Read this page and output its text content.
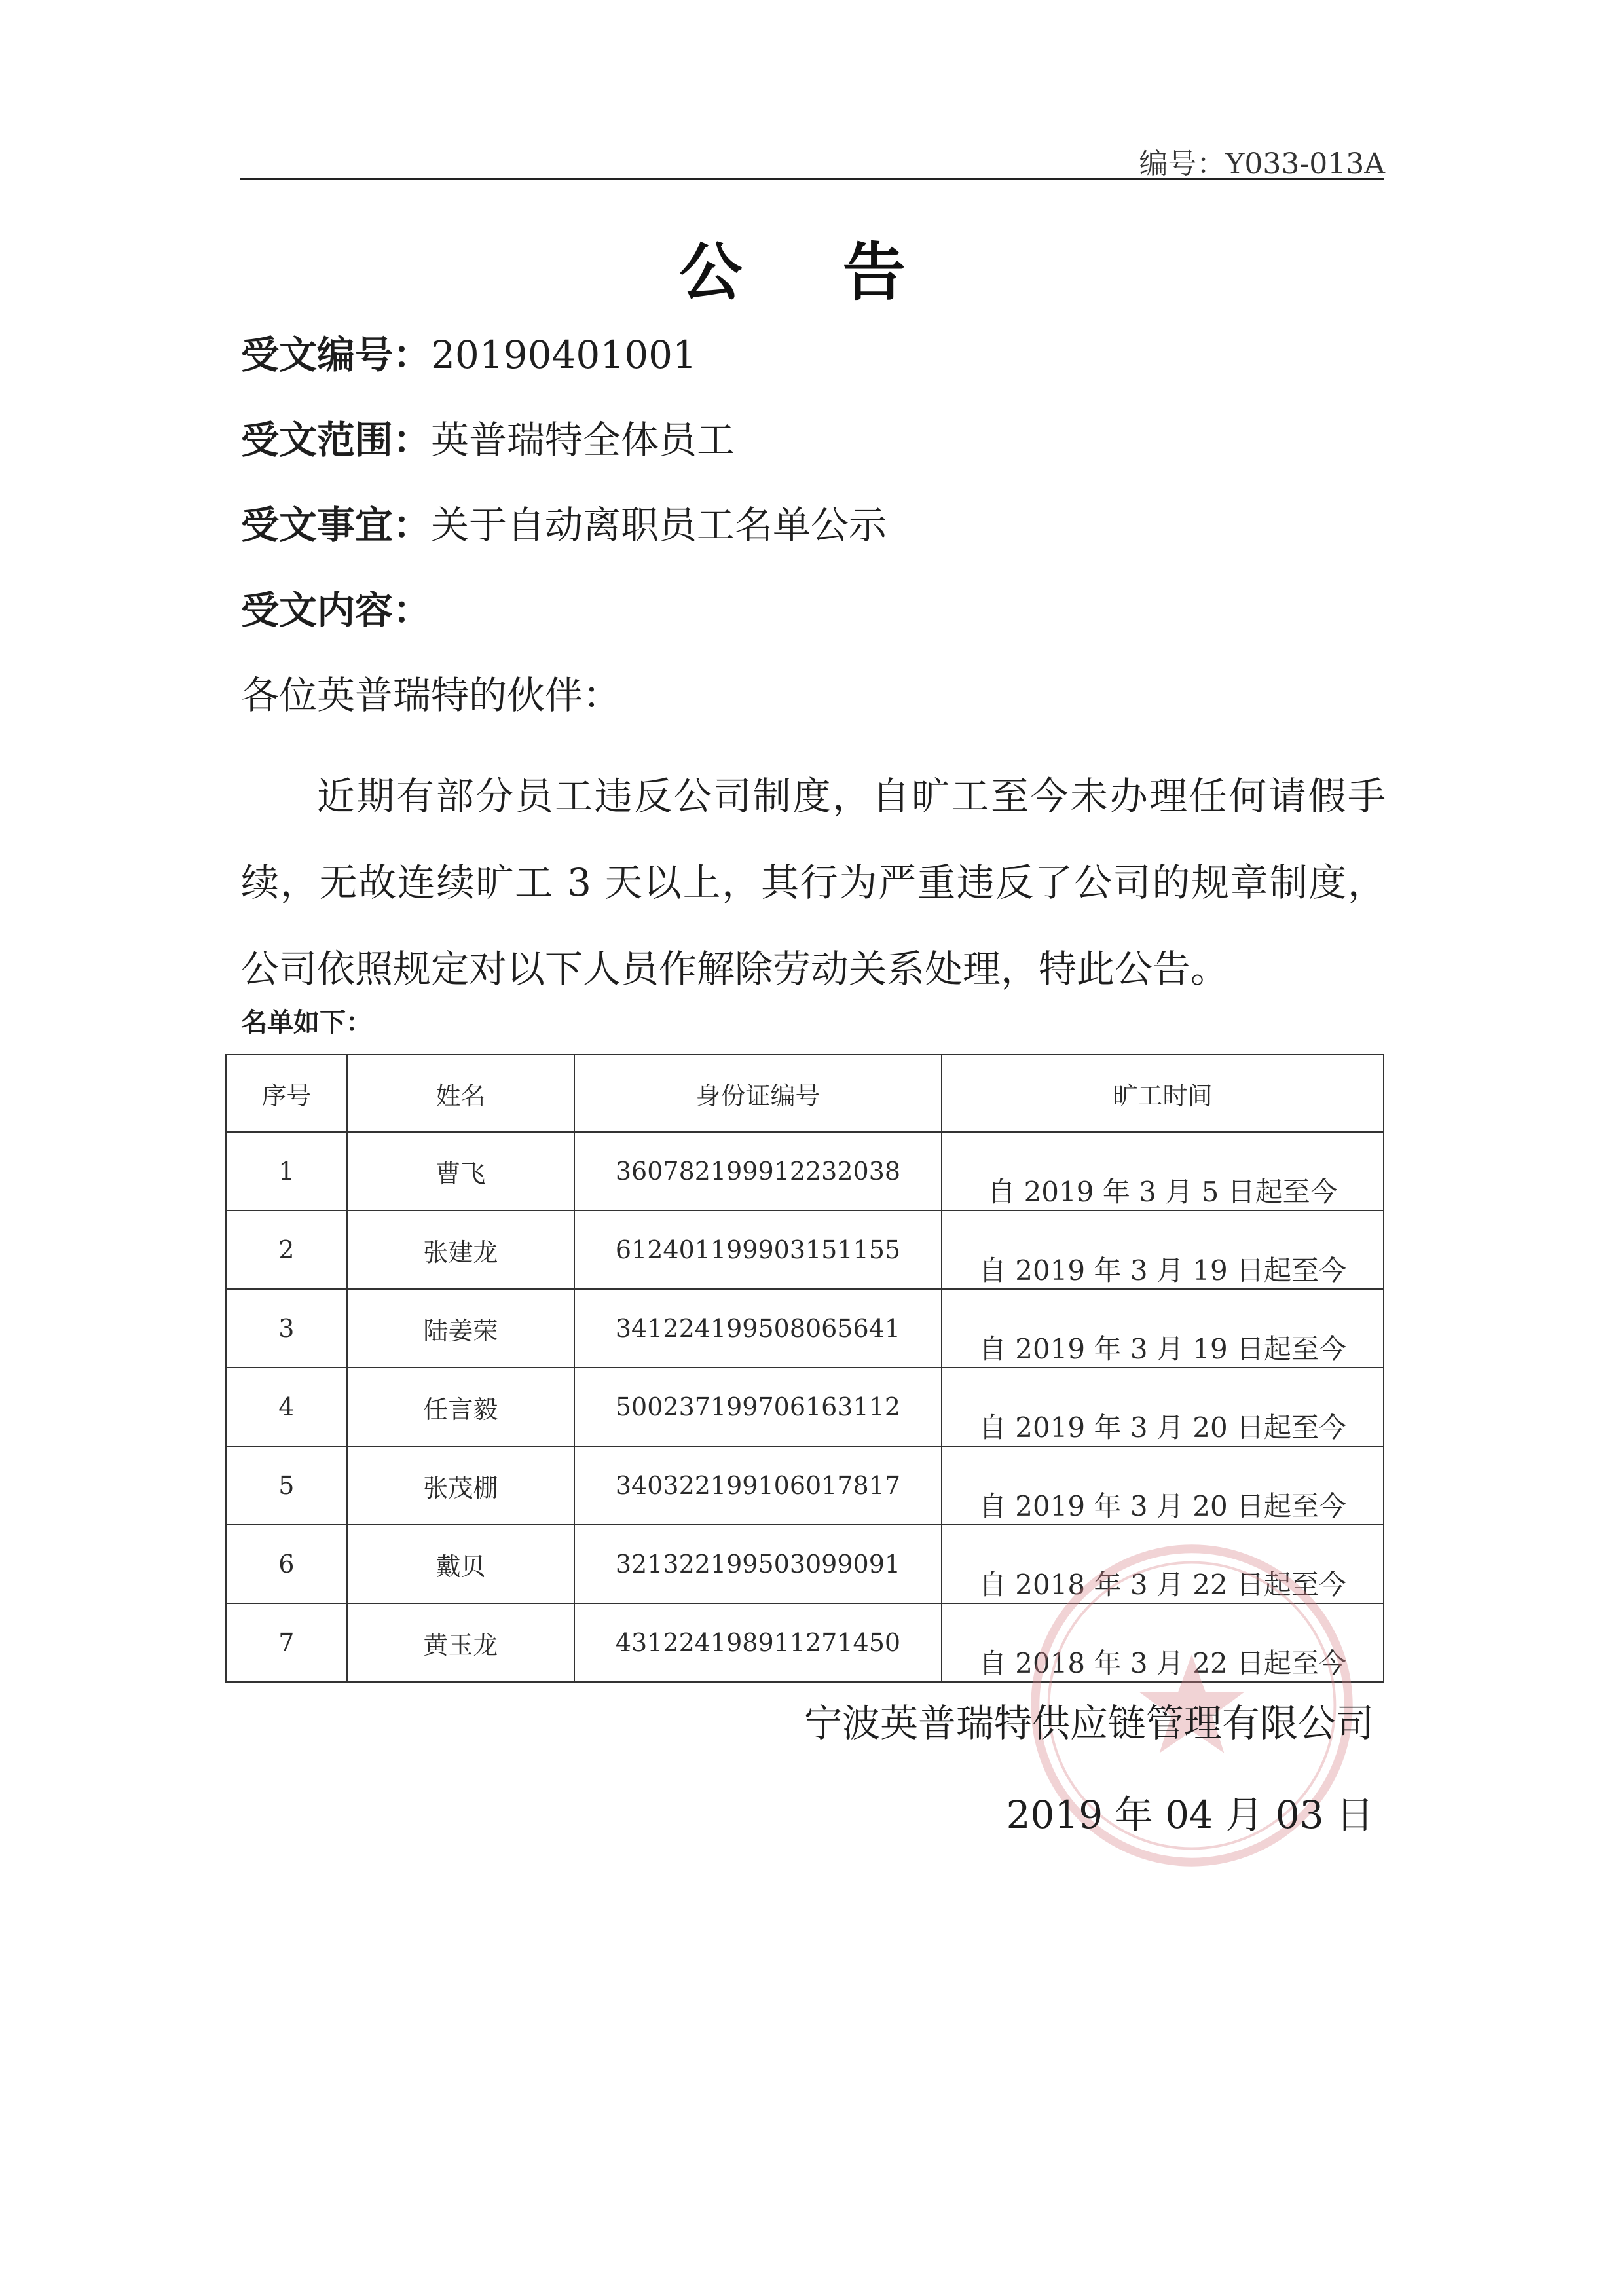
编号：Y033-013A
公 告
受文编号：20190401001
受文范围：英普瑞特全体员工
受文事宜：关于自动离职员工名单公示
受文内容：
各位英普瑞特的伙伴：
近期有部分员工违反公司制度，自旷工至今未办理任何请假手续，无故连续旷工 3 天以上，其行为严重违反了公司的规章制度，公司依照规定对以下人员作解除劳动关系处理，特此公告。
名单如下：
序号	姓名	身份证编号	旷工时间
1	曹飞	360782199912232038	自 2019 年 3 月 5 日起至今
2	张建龙	612401199903151155	自 2019 年 3 月 19 日起至今
3	陆姜荣	341224199508065641	自 2019 年 3 月 19 日起至今
4	任言毅	500237199706163112	自 2019 年 3 月 20 日起至今
5	张茂棚	340322199106017817	自 2019 年 3 月 20 日起至今
6	戴贝	321322199503099091	自 2018 年 3 月 22 日起至今
7	黄玉龙	431224198911271450	自 2018 年 3 月 22 日起至今
宁波英普瑞特供应链管理有限公司
2019 年 04 月 03 日
